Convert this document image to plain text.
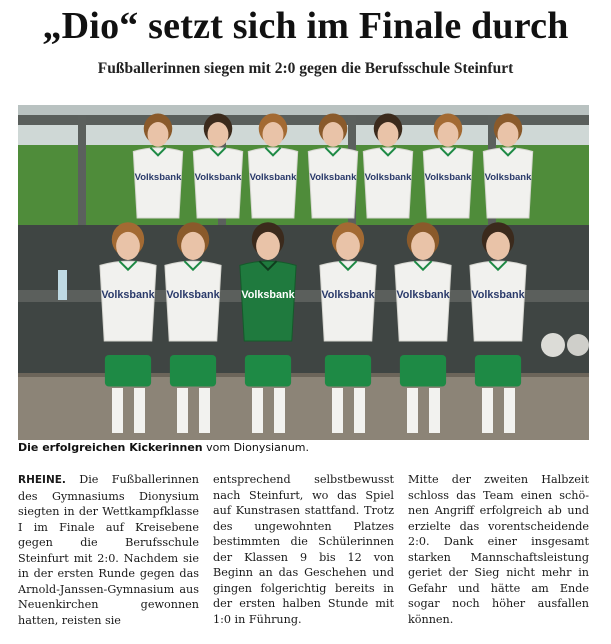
„Dio“ setzt sich im Finale durch
Fußballerinnen siegen mit 2:0 gegen die Berufsschule Steinfurt
Volksbank Volksbank Volksbank Volksbank Volksbank Volksbank Volksbank
Volksbank Volksbank Volksbank Volksbank Volksbank Volksbank
Die erfolgreichen Kickerinnen vom Dionysianum.
RHEINE. Die Fußballerinnen des Gymnasiums Dionysium siegten in der Wettkampfklasse I im Finale auf Kreisebene gegen die Berufsschule Steinfurt mit 2:0. Nachdem sie in der ersten Runde gegen das Arnold-Janssen-Gymnasium aus Neuenkirchen gewonnen hatten, reisten sie
entsprechend selbstbewusst nach Steinfurt, wo das Spiel auf Kunstrasen stattfand. Trotz des ungewohnten Platzes bestimmten die Schülerinnen der Klassen 9 bis 12 von Beginn an das Geschehen und gingen folgerichtig bereits in der ersten halben Stunde mit 1:0 in Führung.
Mitte der zweiten Halbzeit schloss das Team einen schönen Angriff erfolgreich ab und erzielte das vorentscheidende 2:0. Dank einer insgesamt starken Mannschaftsleistung geriet der Sieg nicht mehr in Gefahr und hätte am Ende sogar noch höher ausfallen können.
